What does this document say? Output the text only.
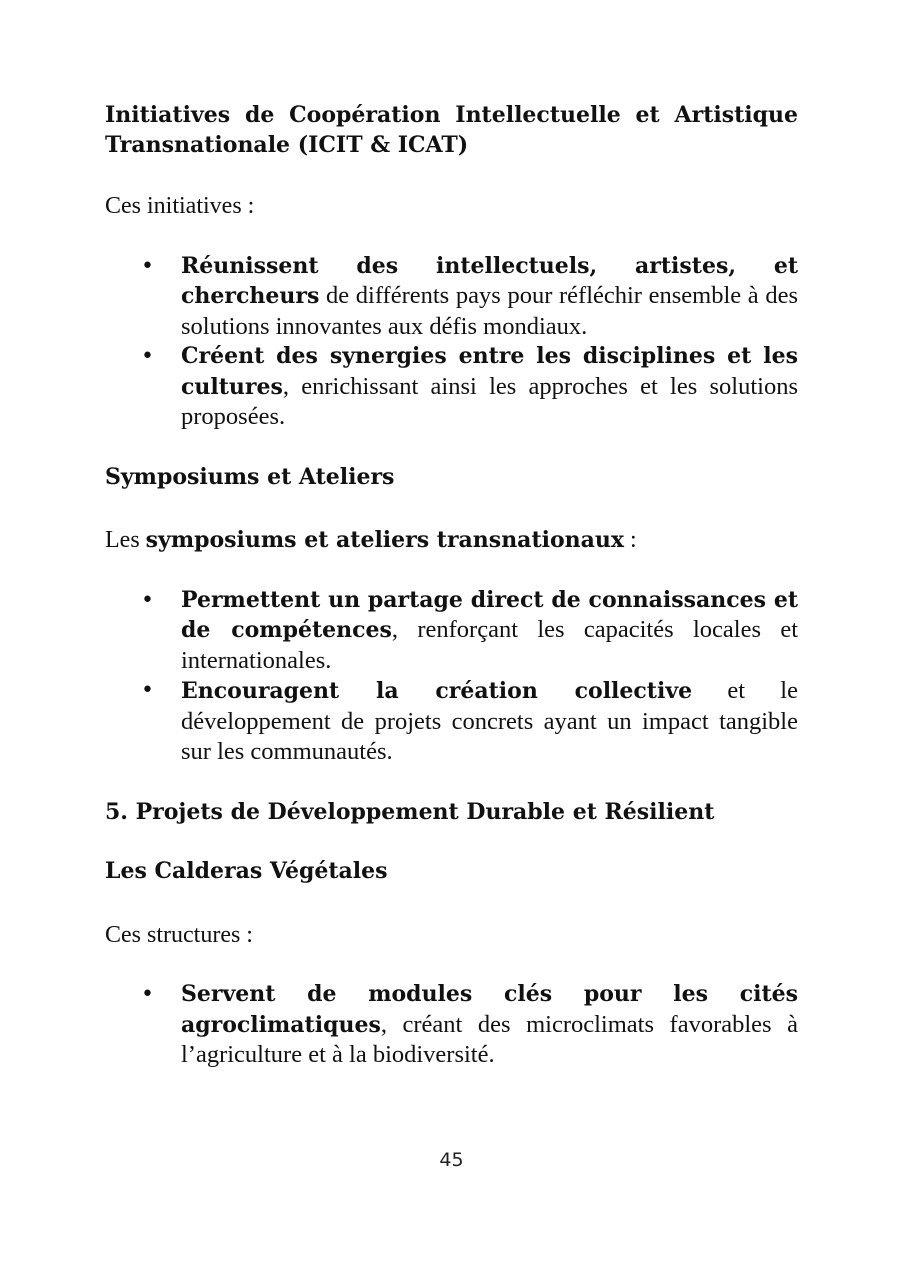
Initiatives de Coopération Intellectuelle et Artistique Transnationale (ICIT & ICAT)

Ces initiatives :

• Réunissent des intellectuels, artistes, et chercheurs de différents pays pour réfléchir ensemble à des solutions innovantes aux défis mondiaux.
• Créent des synergies entre les disciplines et les cultures, enrichissant ainsi les approches et les solutions proposées.

Symposiums et Ateliers

Les symposiums et ateliers transnationaux :

• Permettent un partage direct de connaissances et de compétences, renforçant les capacités locales et internationales.
• Encouragent la création collective et le développement de projets concrets ayant un impact tangible sur les communautés.

5. Projets de Développement Durable et Résilient

Les Calderas Végétales

Ces structures :

• Servent de modules clés pour les cités agroclimatiques, créant des microclimats favorables à l’agriculture et à la biodiversité.
45
